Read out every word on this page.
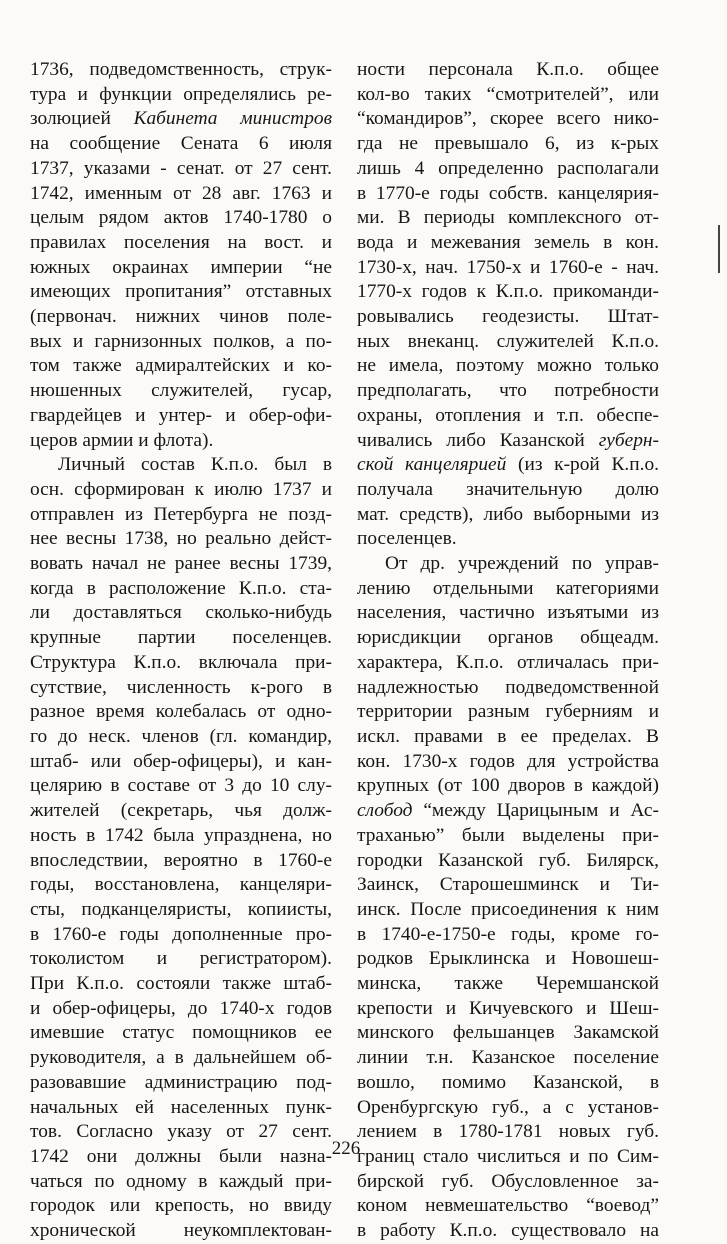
1736, подведомственность, струк-
тура и функции определялись ре-
золюцией Кабинета министров
на сообщение Сената 6 июля
1737, указами - сенат. от 27 сент.
1742, именным от 28 авг. 1763 и
целым рядом актов 1740-1780 о
правилах поселения на вост. и
южных окраинах империи “не
имеющих пропитания” отставных
(первонач. нижних чинов поле-
вых и гарнизонных полков, а по-
том также адмиралтейских и ко-
нюшенных служителей, гусар,
гвардейцев и унтер- и обер-офи-
церов армии и флота).
Личный состав К.п.о. был в
осн. сформирован к июлю 1737 и
отправлен из Петербурга не позд-
нее весны 1738, но реально дейст-
вовать начал не ранее весны 1739,
когда в расположение К.п.о. ста-
ли доставляться сколько-нибудь
крупные партии поселенцев.
Структура К.п.о. включала при-
сутствие, численность к-рого в
разное время колебалась от одно-
го до неск. членов (гл. командир,
штаб- или обер-офицеры), и кан-
целярию в составе от 3 до 10 слу-
жителей (секретарь, чья долж-
ность в 1742 была упразднена, но
впоследствии, вероятно в 1760-е
годы, восстановлена, канцеляри-
сты, подканцеляристы, копиисты,
в 1760-е годы дополненные про-
токолистом и регистратором).
При К.п.о. состояли также штаб-
и обер-офицеры, до 1740-х годов
имевшие статус помощников ее
руководителя, а в дальнейшем об-
разовавшие администрацию под-
начальных ей населенных пунк-
тов. Согласно указу от 27 сент.
1742 они должны были назна-
чаться по одному в каждый при-
городок или крепость, но ввиду
хронической неукомплектован-
ности персонала К.п.о. общее
кол-во таких “смотрителей”, или
“командиров”, скорее всего нико-
гда не превышало 6, из к-рых
лишь 4 определенно располагали
в 1770-е годы собств. канцелярия-
ми. В периоды комплексного от-
вода и межевания земель в кон.
1730-х, нач. 1750-х и 1760-е - нач.
1770-х годов к К.п.о. прикоманди-
ровывались геодезисты. Штат-
ных внеканц. служителей К.п.о.
не имела, поэтому можно только
предполагать, что потребности
охраны, отопления и т.п. обеспе-
чивались либо Казанской губерн-
ской канцелярией (из к-рой К.п.о.
получала значительную долю
мат. средств), либо выборными из
поселенцев.
От др. учреждений по управ-
лению отдельными категориями
населения, частично изъятыми из
юрисдикции органов общеадм.
характера, К.п.о. отличалась при-
надлежностью подведомственной
территории разным губерниям и
искл. правами в ее пределах. В
кон. 1730-х годов для устройства
крупных (от 100 дворов в каждой)
слобод “между Царицыным и Ас-
траханью” были выделены при-
городки Казанской губ. Билярск,
Заинск, Старошешминск и Ти-
инск. После присоединения к ним
в 1740-е-1750-е годы, кроме го-
родков Ерыклинска и Новошеш-
минска, также Черемшанской
крепости и Кичуевского и Шеш-
минского фельшанцев Закамской
линии т.н. Казанское поселение
вошло, помимо Казанской, в
Оренбургскую губ., а с установ-
лением в 1780-1781 новых губ.
границ стало числиться и по Сим-
бирской губ. Обусловленное за-
коном невмешательство “воевод”
в работу К.п.о. существовало на
226
